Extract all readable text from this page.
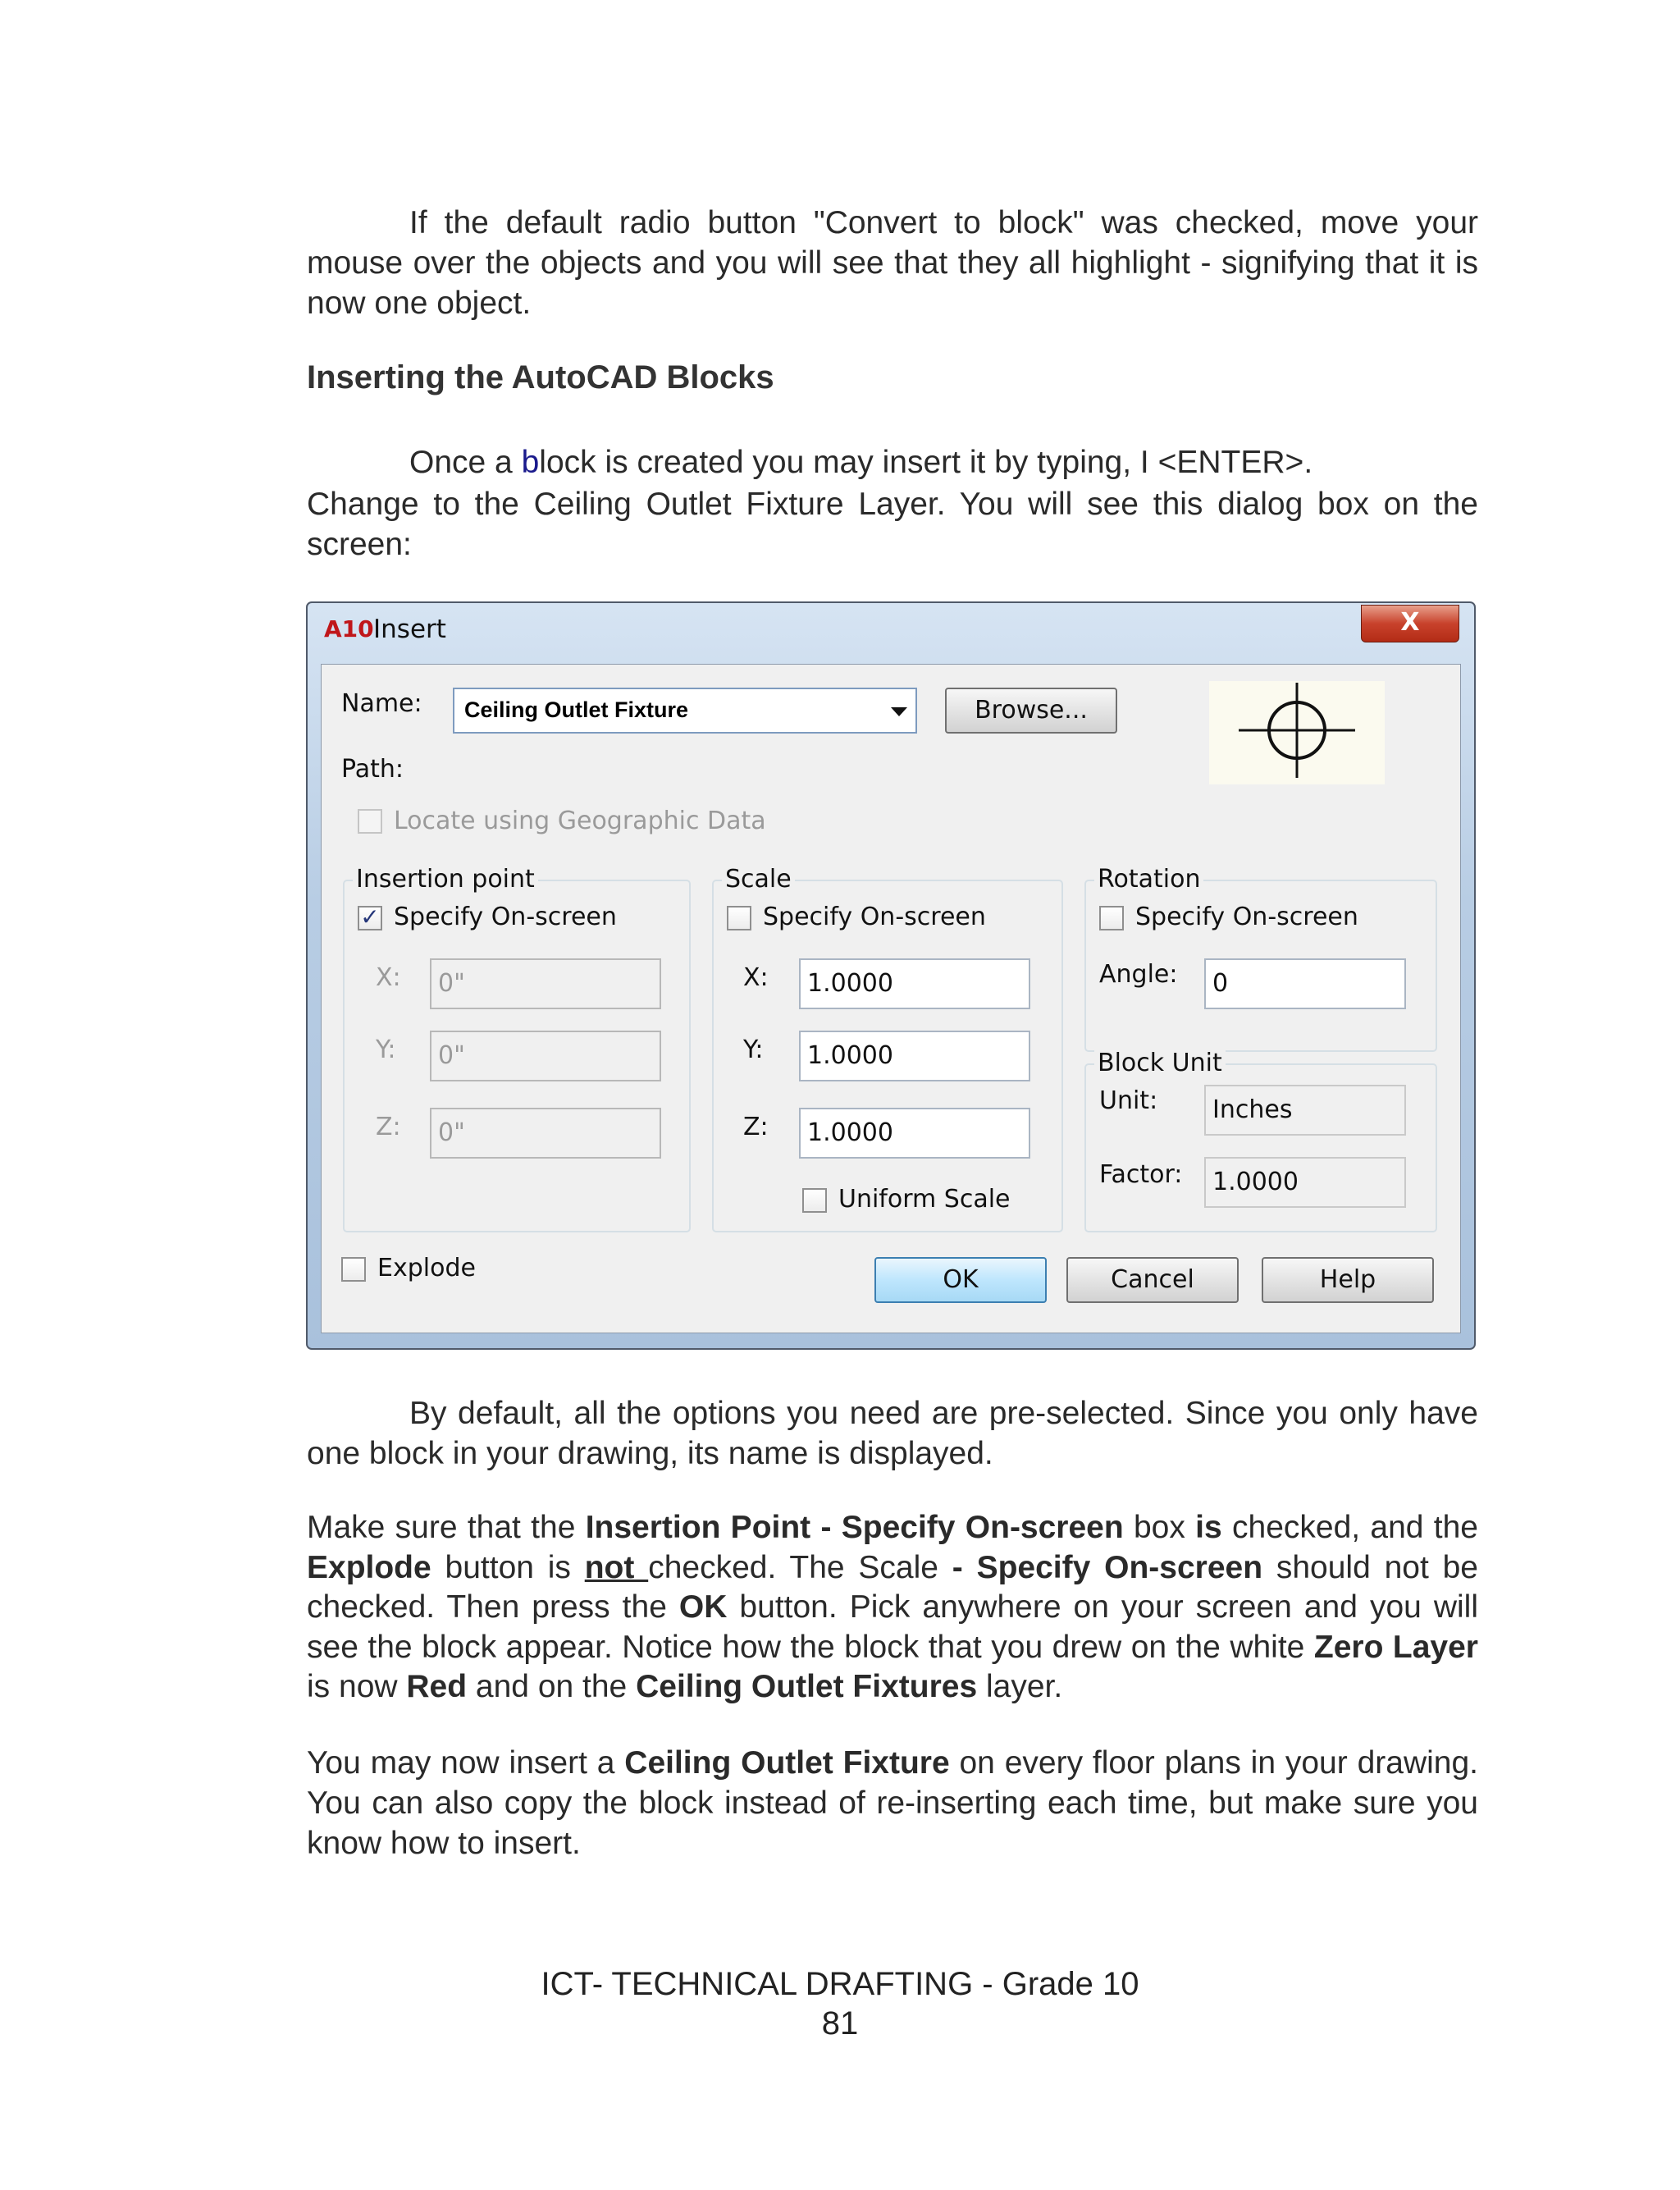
If the default radio button "Convert to block" was checked, move your mouse over the objects and you will see that they all highlight - signifying that it is now one object.

Inserting the AutoCAD Blocks

Once a block is created you may insert it by typing, I <ENTER>.

Change to the Ceiling Outlet Fixture Layer. You will see this dialog box on the screen:

A10 Insert	X
Name: Ceiling Outlet Fixture	Browse...
Path:
Locate using Geographic Data
Insertion point
✓ Specify On-screen
X:	0"
Y:	0"
Z:	0"
Scale
Specify On-screen
X:	1.0000
Y:	1.0000
Z:	1.0000
Uniform Scale
Rotation
Specify On-screen
Angle:	0
Block Unit
Unit:	Inches
Factor:	1.0000
Explode	OK	Cancel	Help

By default, all the options you need are pre-selected. Since you only have one block in your drawing, its name is displayed.

Make sure that the Insertion Point - Specify On-screen box is checked, and the Explode button is not checked. The Scale - Specify On-screen should not be checked. Then press the OK button. Pick anywhere on your screen and you will see the block appear. Notice how the block that you drew on the white Zero Layer is now Red and on the Ceiling Outlet Fixtures layer.

You may now insert a Ceiling Outlet Fixture on every floor plans in your drawing. You can also copy the block instead of re-inserting each time, but make sure you know how to insert.

ICT- TECHNICAL DRAFTING - Grade 10
81
